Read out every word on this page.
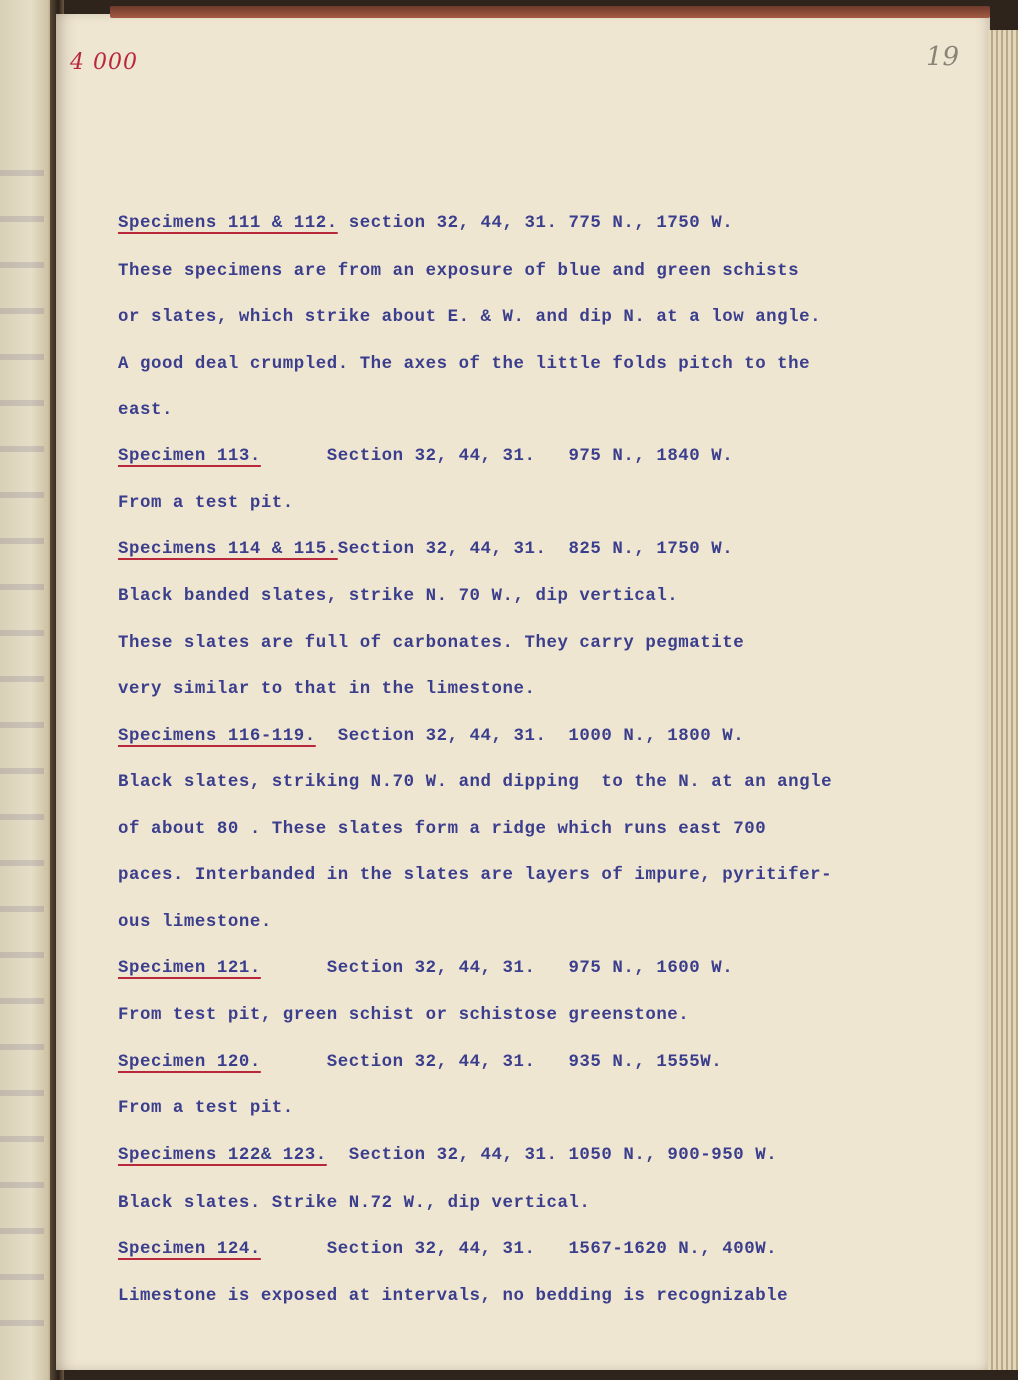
4 000	19
Specimens 111 & 112. section 32, 44, 31. 775 N., 1750 W.
These specimens are from an exposure of blue and green schists
or slates, which strike about E. & W. and dip N. at a low angle.
A good deal crumpled. The axes of the little folds pitch to the
east.
Specimen 113.      Section 32, 44, 31.   975 N., 1840 W.
From a test pit.
Specimens 114 & 115.Section 32, 44, 31.  825 N., 1750 W.
Black banded slates, strike N. 70 W., dip vertical.
These slates are full of carbonates. They carry pegmatite
very similar to that in the limestone.
Specimens 116-119.  Section 32, 44, 31.  1000 N., 1800 W.
Black slates, striking N.70 W. and dipping  to the N. at an angle
of about 80 . These slates form a ridge which runs east 700
paces. Interbanded in the slates are layers of impure, pyritifer-
ous limestone.
Specimen 121.      Section 32, 44, 31.   975 N., 1600 W.
From test pit, green schist or schistose greenstone.
Specimen 120.      Section 32, 44, 31.   935 N., 1555W.
From a test pit.
Specimens 122& 123.  Section 32, 44, 31. 1050 N., 900-950 W.
Black slates. Strike N.72 W., dip vertical.
Specimen 124.      Section 32, 44, 31.   1567-1620 N., 400W.
Limestone is exposed at intervals, no bedding is recognizable
